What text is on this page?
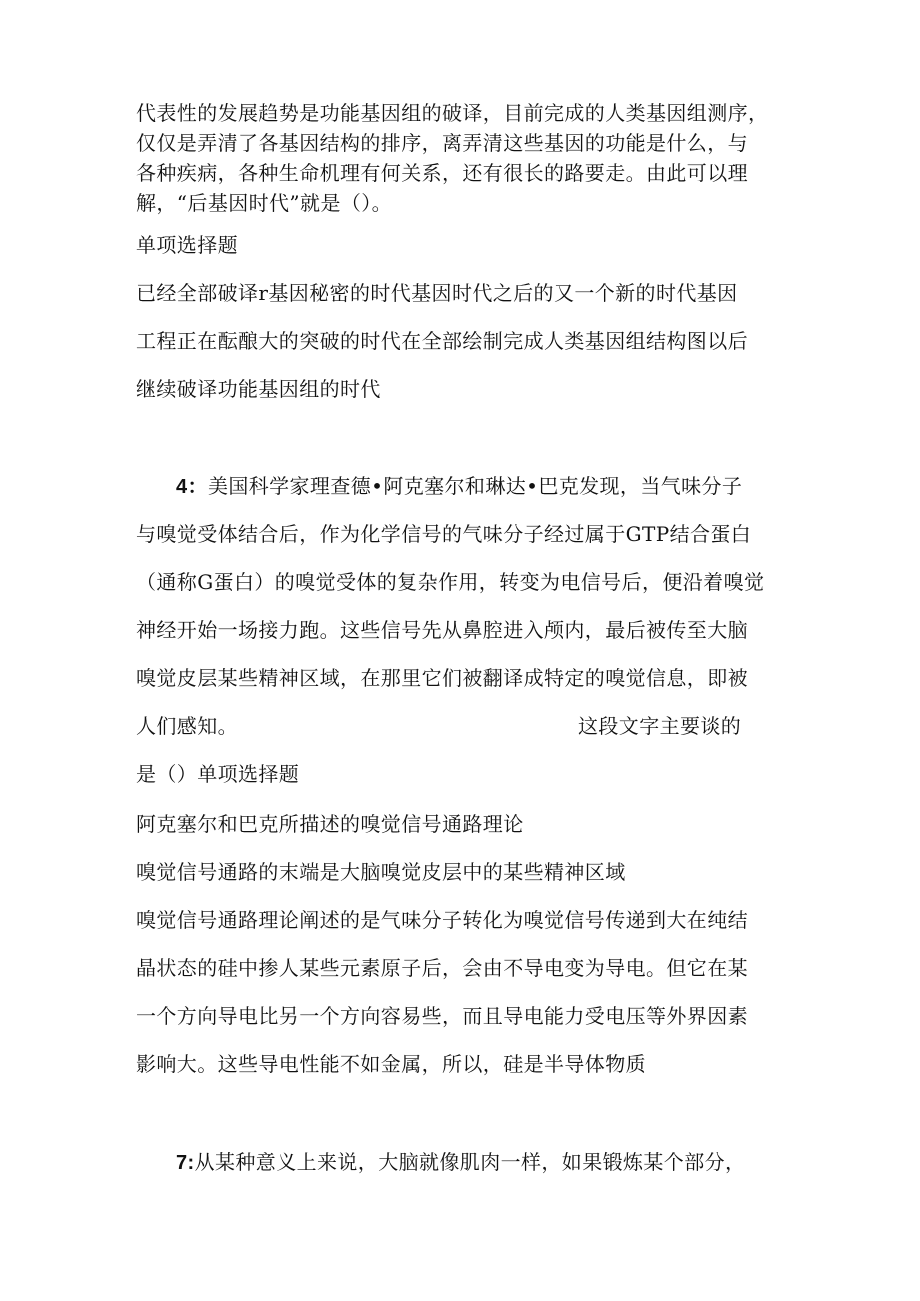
代表性的发展趋势是功能基因组的破译，目前完成的人类基因组测序，
仅仅是弄清了各基因结构的排序，离弄清这些基因的功能是什么，与
各种疾病，各种生命机理有何关系，还有很长的路要走。由此可以理
解，“后基因时代”就是（）。
单项选择题
已经全部破译r基因秘密的时代基因时代之后的又一个新的时代基因
工程正在酝酿大的突破的时代在全部绘制完成人类基因组结构图以后
继续破译功能基因组的时代
4：美国科学家理查德•阿克塞尔和琳达•巴克发现，当气味分子
与嗅觉受体结合后，作为化学信号的气味分子经过属于GTP结合蛋白
（通称G蛋白）的嗅觉受体的复杂作用，转变为电信号后，便沿着嗅觉
神经开始一场接力跑。这些信号先从鼻腔进入颅内，最后被传至大脑
嗅觉皮层某些精神区域，在那里它们被翻译成特定的嗅觉信息，即被
人们感知。	这段文字主要谈的
是（）单项选择题
阿克塞尔和巴克所描述的嗅觉信号通路理论
嗅觉信号通路的末端是大脑嗅觉皮层中的某些精神区域
嗅觉信号通路理论阐述的是气味分子转化为嗅觉信号传递到大在纯结
晶状态的硅中掺人某些元素原子后，会由不导电变为导电。但它在某
一个方向导电比另一个方向容易些，而且导电能力受电压等外界因素
影响大。这些导电性能不如金属，所以，硅是半导体物质
7:从某种意义上来说，大脑就像肌肉一样，如果锻炼某个部分，
